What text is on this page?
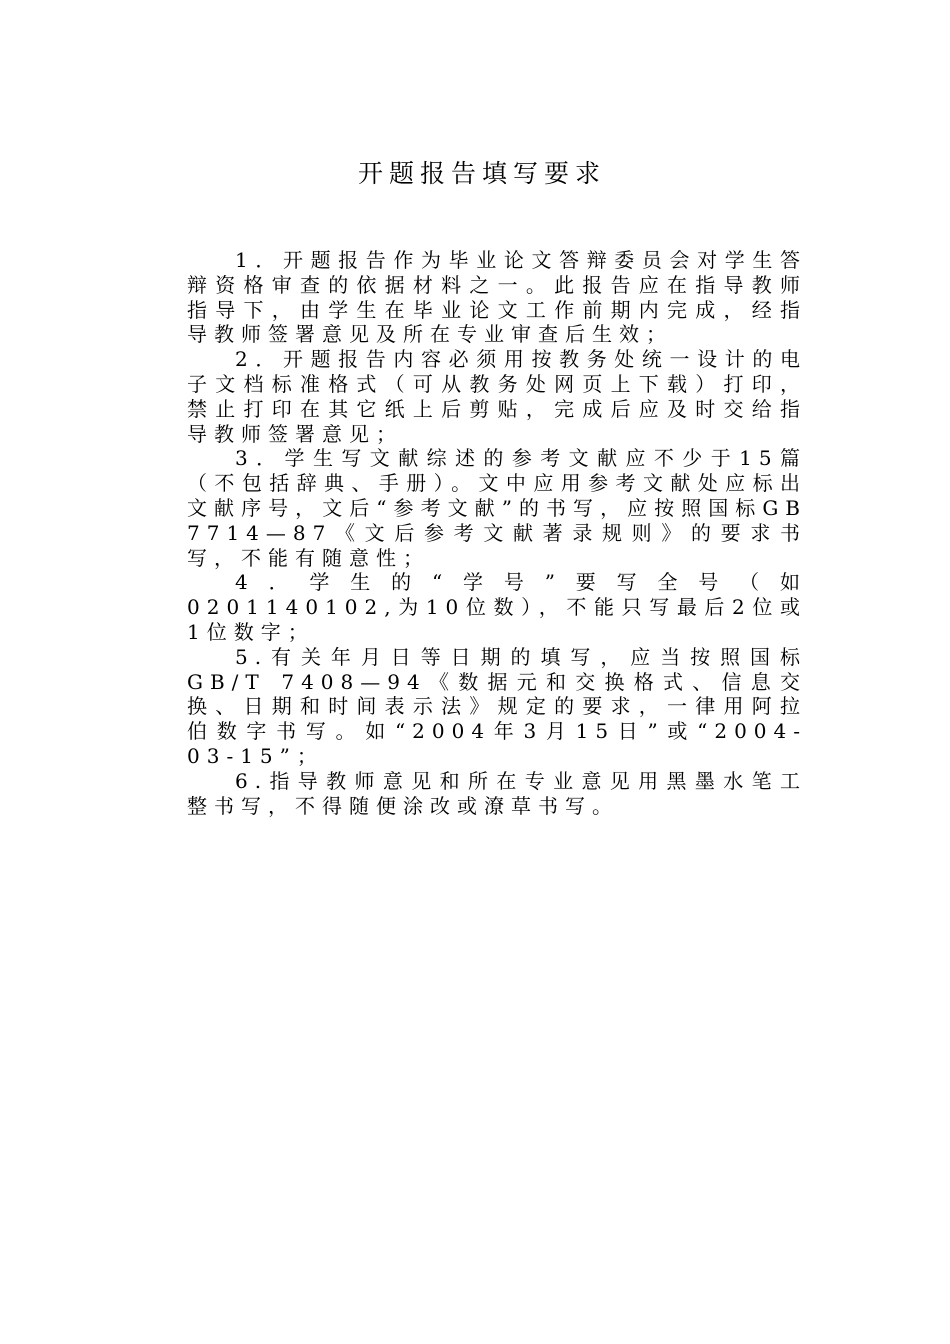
开题报告填写要求

1．开题报告作为毕业论文答辩委员会对学生答辩资格审查的依据材料之一。此报告应在指导教师指导下，由学生在毕业论文工作前期内完成，经指导教师签署意见及所在专业审查后生效；

2．开题报告内容必须用按教务处统一设计的电子文档标准格式（可从教务处网页上下载）打印，禁止打印在其它纸上后剪贴，完成后应及时交给指导教师签署意见；

3．学生写文献综述的参考文献应不少于15篇（不包括辞典、手册）。文中应用参考文献处应标出文献序号，文后“参考文献”的书写，应按照国标GB 7714—87《文后参考文献著录规则》的要求书写，不能有随意性；

4．学生的“学号”要写全号（如0201140102,为10位数），不能只写最后2位或1位数字；

5.有关年月日等日期的填写，应当按照国标GB/T 7408—94《数据元和交换格式、信息交换、日期和时间表示法》规定的要求，一律用阿拉伯数字书写。如“2004年3月15日”或“2004-03-15”；

6.指导教师意见和所在专业意见用黑墨水笔工整书写，不得随便涂改或潦草书写。
